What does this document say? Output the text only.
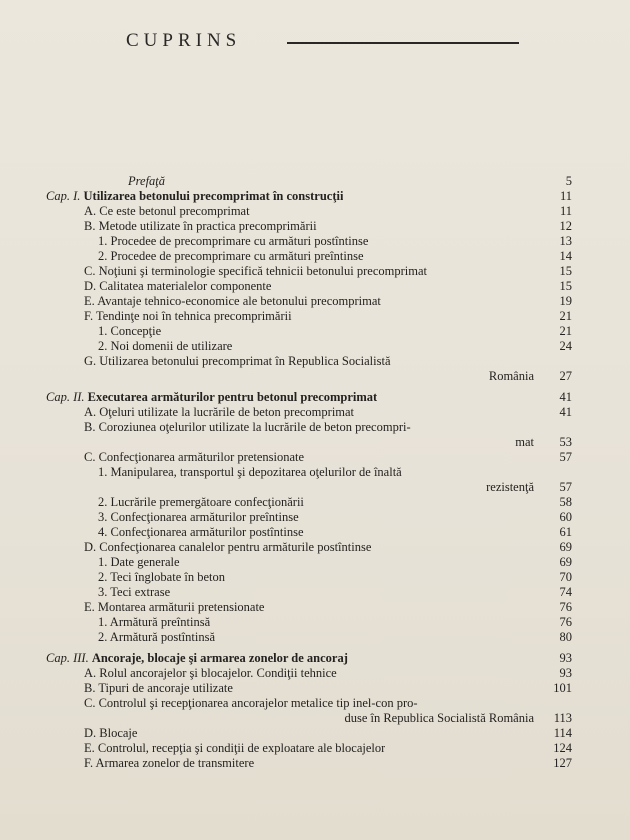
CUPRINS
Prefaţă	5
Cap. I. Utilizarea betonului precomprimat în construcţii	11
A. Ce este betonul precomprimat	11
B. Metode utilizate în practica precomprimării	12
1. Procedee de precomprimare cu armături postîntinse	13
2. Procedee de precomprimare cu armături preîntinse	14
C. Noţiuni şi terminologie specifică tehnicii betonului precomprimat	15
D. Calitatea materialelor componente	15
E. Avantaje tehnico-economice ale betonului precomprimat	19
F. Tendinţe noi în tehnica precomprimării	21
1. Concepţie	21
2. Noi domenii de utilizare	24
G. Utilizarea betonului precomprimat în Republica Socialistă
România	27
Cap. II. Executarea armăturilor pentru betonul precomprimat	41
A. Oţeluri utilizate la lucrările de beton precomprimat	41
B. Coroziunea oţelurilor utilizate la lucrările de beton precompri-
mat	53
C. Confecţionarea armăturilor pretensionate	57
1. Manipularea, transportul şi depozitarea oţelurilor de înaltă
rezistenţă	57
2. Lucrările premergătoare confecţionării	58
3. Confecţionarea armăturilor preîntinse	60
4. Confecţionarea armăturilor postîntinse	61
D. Confecţionarea canalelor pentru armăturile postîntinse	69
1. Date generale	69
2. Teci înglobate în beton	70
3. Teci extrase	74
E. Montarea armăturii pretensionate	76
1. Armătură preîntinsă	76
2. Armătură postîntinsă	80
Cap. III. Ancoraje, blocaje şi armarea zonelor de ancoraj	93
A. Rolul ancorajelor şi blocajelor. Condiţii tehnice	93
B. Tipuri de ancoraje utilizate	101
C. Controlul şi recepţionarea ancorajelor metalice tip inel-con pro-
duse în Republica Socialistă România	113
D. Blocaje	114
E. Controlul, recepţia şi condiţii de exploatare ale blocajelor	124
F. Armarea zonelor de transmitere	127
